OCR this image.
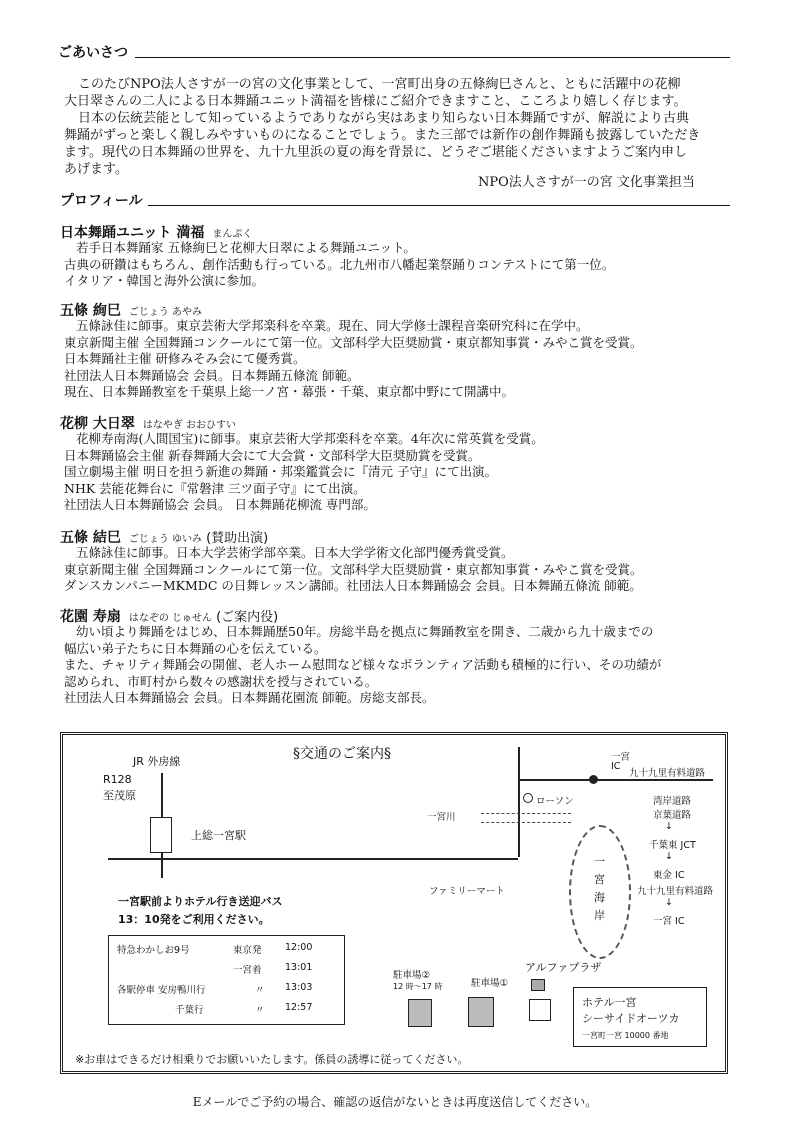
ごあいさつ
このたびNPO法人さすが一の宮の文化事業として、一宮町出身の五條絢巳さんと、ともに活躍中の花柳
大日翠さんの二人による日本舞踊ユニット満福を皆様にご紹介できますこと、こころより嬉しく存じます。
日本の伝統芸能として知っているようでありながら実はあまり知らない日本舞踊ですが、解説により古典
舞踊がずっと楽しく親しみやすいものになることでしょう。また三部では新作の創作舞踊も披露していただき
ます。現代の日本舞踊の世界を、九十九里浜の夏の海を背景に、どうぞご堪能くださいますようご案内申し
あげます。
NPO法人さすが一の宮 文化事業担当
プロフィール
日本舞踊ユニット 満福 まんぷく
若手日本舞踊家 五條絢巳と花柳大日翠による舞踊ユニット。
古典の研鑽はもちろん、創作活動も行っている。北九州市八幡起業祭踊りコンテストにて第一位。
イタリア・韓国と海外公演に参加。
五條 絢巳 ごじょう あやみ
五條詠佳に師事。東京芸術大学邦楽科を卒業。現在、同大学修士課程音楽研究科に在学中。
東京新聞主催 全国舞踊コンクールにて第一位。文部科学大臣奨励賞・東京都知事賞・みやこ賞を受賞。
日本舞踊社主催 研修みそみ会にて優秀賞。
社団法人日本舞踊協会 会員。日本舞踊五條流 師範。
現在、日本舞踊教室を千葉県上総一ノ宮・幕張・千葉、東京都中野にて開講中。
花柳 大日翠 はなやぎ おおひすい
花柳寿南海(人間国宝)に師事。東京芸術大学邦楽科を卒業。4年次に常英賞を受賞。
日本舞踊協会主催 新春舞踊大会にて大会賞・文部科学大臣奨励賞を受賞。
国立劇場主催 明日を担う新進の舞踊・邦楽鑑賞会に『清元 子守』にて出演。
NHK 芸能花舞台に『常磐津 三ツ面子守』にて出演。
社団法人日本舞踊協会 会員。 日本舞踊花柳流 専門部。
五條 結巳 ごじょう ゆいみ (賛助出演)
五條詠佳に師事。日本大学芸術学部卒業。日本大学学術文化部門優秀賞受賞。
東京新聞主催 全国舞踊コンクールにて第一位。文部科学大臣奨励賞・東京都知事賞・みやこ賞を受賞。
ダンスカンパニーMKMDC の日舞レッスン講師。社団法人日本舞踊協会 会員。日本舞踊五條流 師範。
花園 寿扇 はなぞの じゅせん (ご案内役)
幼い頃より舞踊をはじめ、日本舞踊歴50年。房総半島を拠点に舞踊教室を開き、二歳から九十歳までの
幅広い弟子たちに日本舞踊の心を伝えている。
また、チャリティ舞踊会の開催、老人ホーム慰問など様々なボランティア活動も積極的に行い、その功績が
認められ、市町村から数々の感謝状を授与されている。
社団法人日本舞踊協会 会員。日本舞踊花園流 師範。房総支部長。
§交通のご案内§
JR 外房線
上総一宮駅
R128
至茂原
一宮
IC
九十九里有料道路
ローソン
一宮川
一
宮
海
岸
湾岸道路
京葉道路
↓
千葉東 JCT
↓
東金 IC
九十九里有料道路
↓
一宮 IC
ファミリーマート
一宮駅前よりホテル行き送迎バス
13：10発をご利用ください。
特急わかしお9号	東京発 12:00
一宮着 13:01
各駅停車 安房鴨川行	〃 13:03
千葉行	〃 12:57
駐車場②
12 時〜17 時	駐車場①
アルファプラザ
ホテル一宮
シーサイドオーツカ
一宮町一宮 10000 番地
※お車はできるだけ相乗りでお願いいたします。係員の誘導に従ってください。
Eメールでご予約の場合、確認の返信がないときは再度送信してください。
